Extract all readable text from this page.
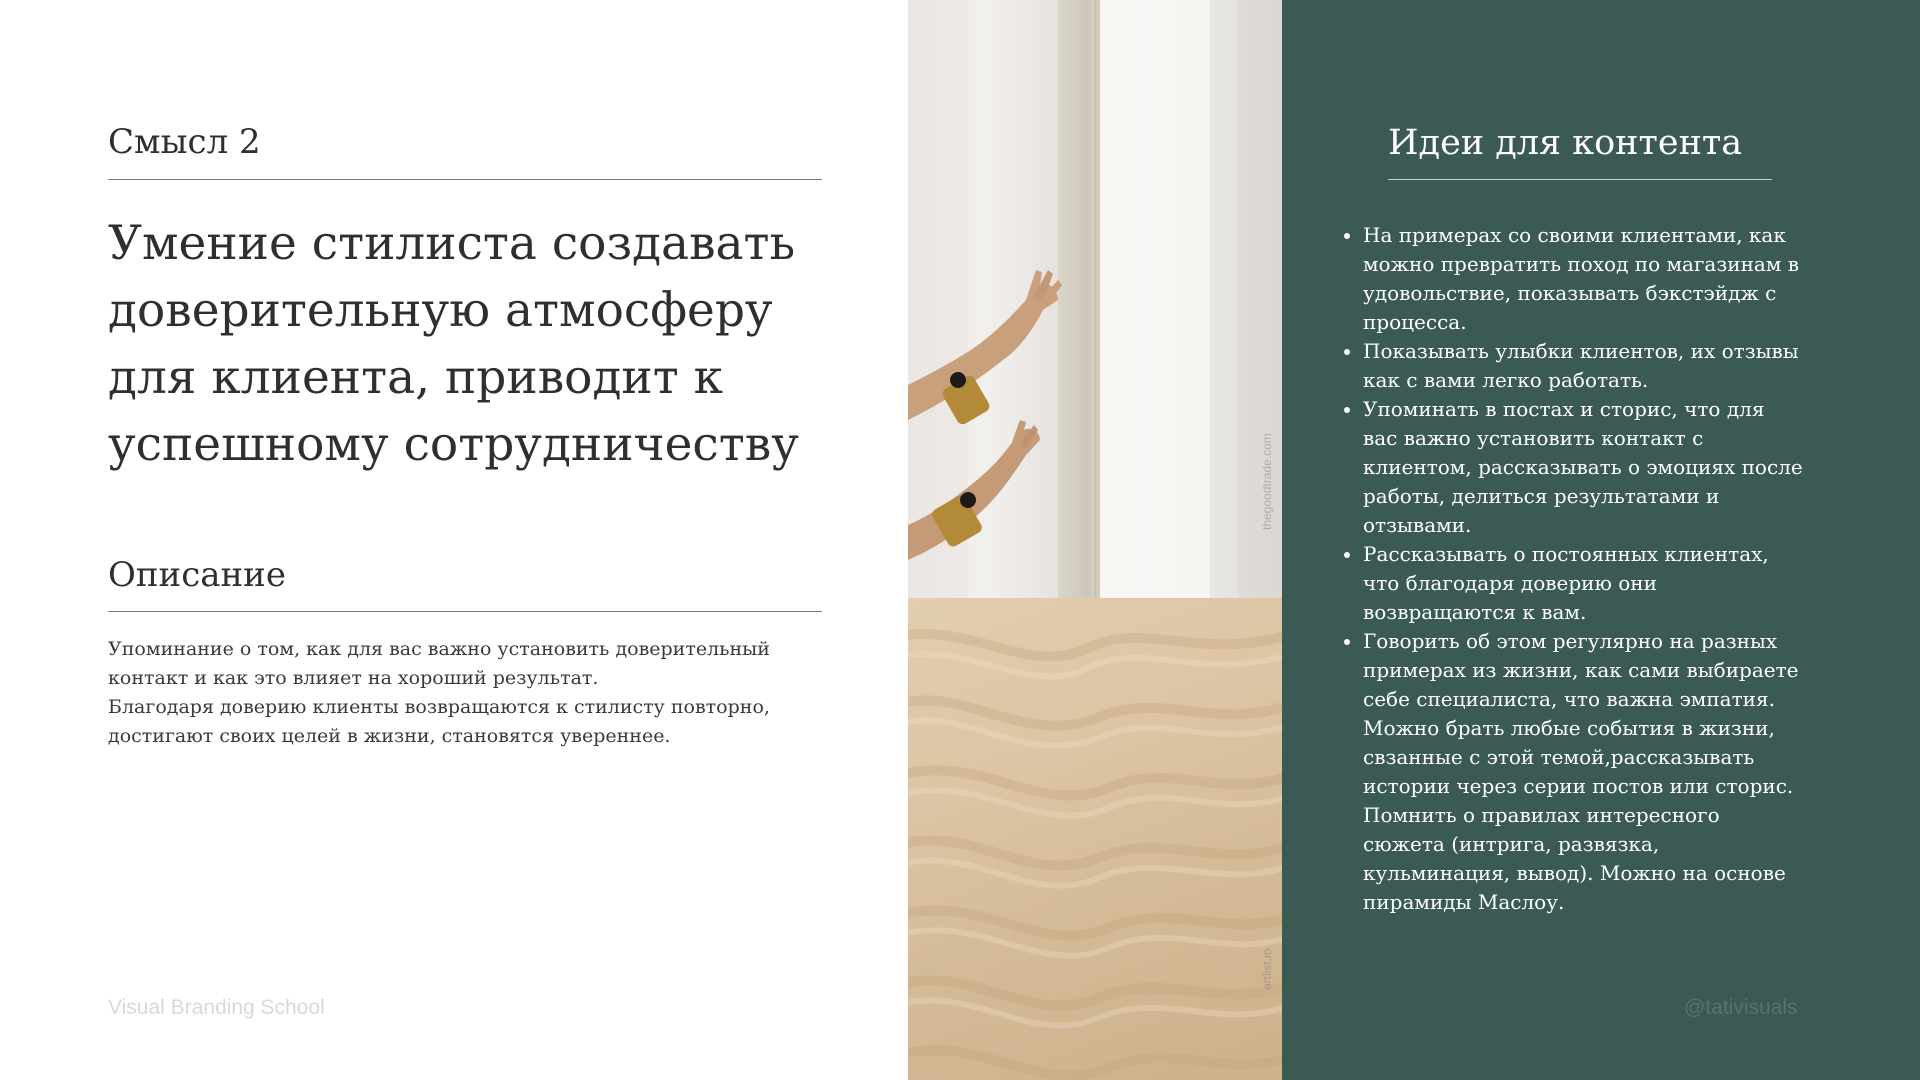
Смысл 2
Умение стилиста создавать доверительную атмосферу для клиента, приводит к успешному сотрудничеству
Описание
Упоминание о том, как для вас важно установить доверительный
контакт и как это влияет на хороший результат.
Благодаря доверию клиенты возвращаются к стилисту повторно,
достигают своих целей в жизни, становятся увереннее.
Visual Branding School
thegoodtrade.com
artlist.io
Идеи для контента
• На примерах со своими клиентами, как можно превратить поход по магазинам в удовольствие, показывать бэкстэйдж с процесса.
• Показывать улыбки клиентов, их отзывы как с вами легко работать.
• Упоминать в постах и сторис, что для вас важно установить контакт с клиентом, рассказывать о эмоциях после работы, делиться результатами и отзывами.
• Рассказывать о постоянных клиентах, что благодаря доверию они возвращаются к вам.
• Говорить об этом регулярно на разных примерах из жизни, как сами выбираете себе специалиста, что важна эмпатия. Можно брать любые события в жизни, свзанные с этой темой,рассказывать истории через серии постов или сторис. Помнить о правилах интересного сюжета (интрига, развязка, кульминация, вывод). Можно на основе пирамиды Маслоу.
@tativisuals
